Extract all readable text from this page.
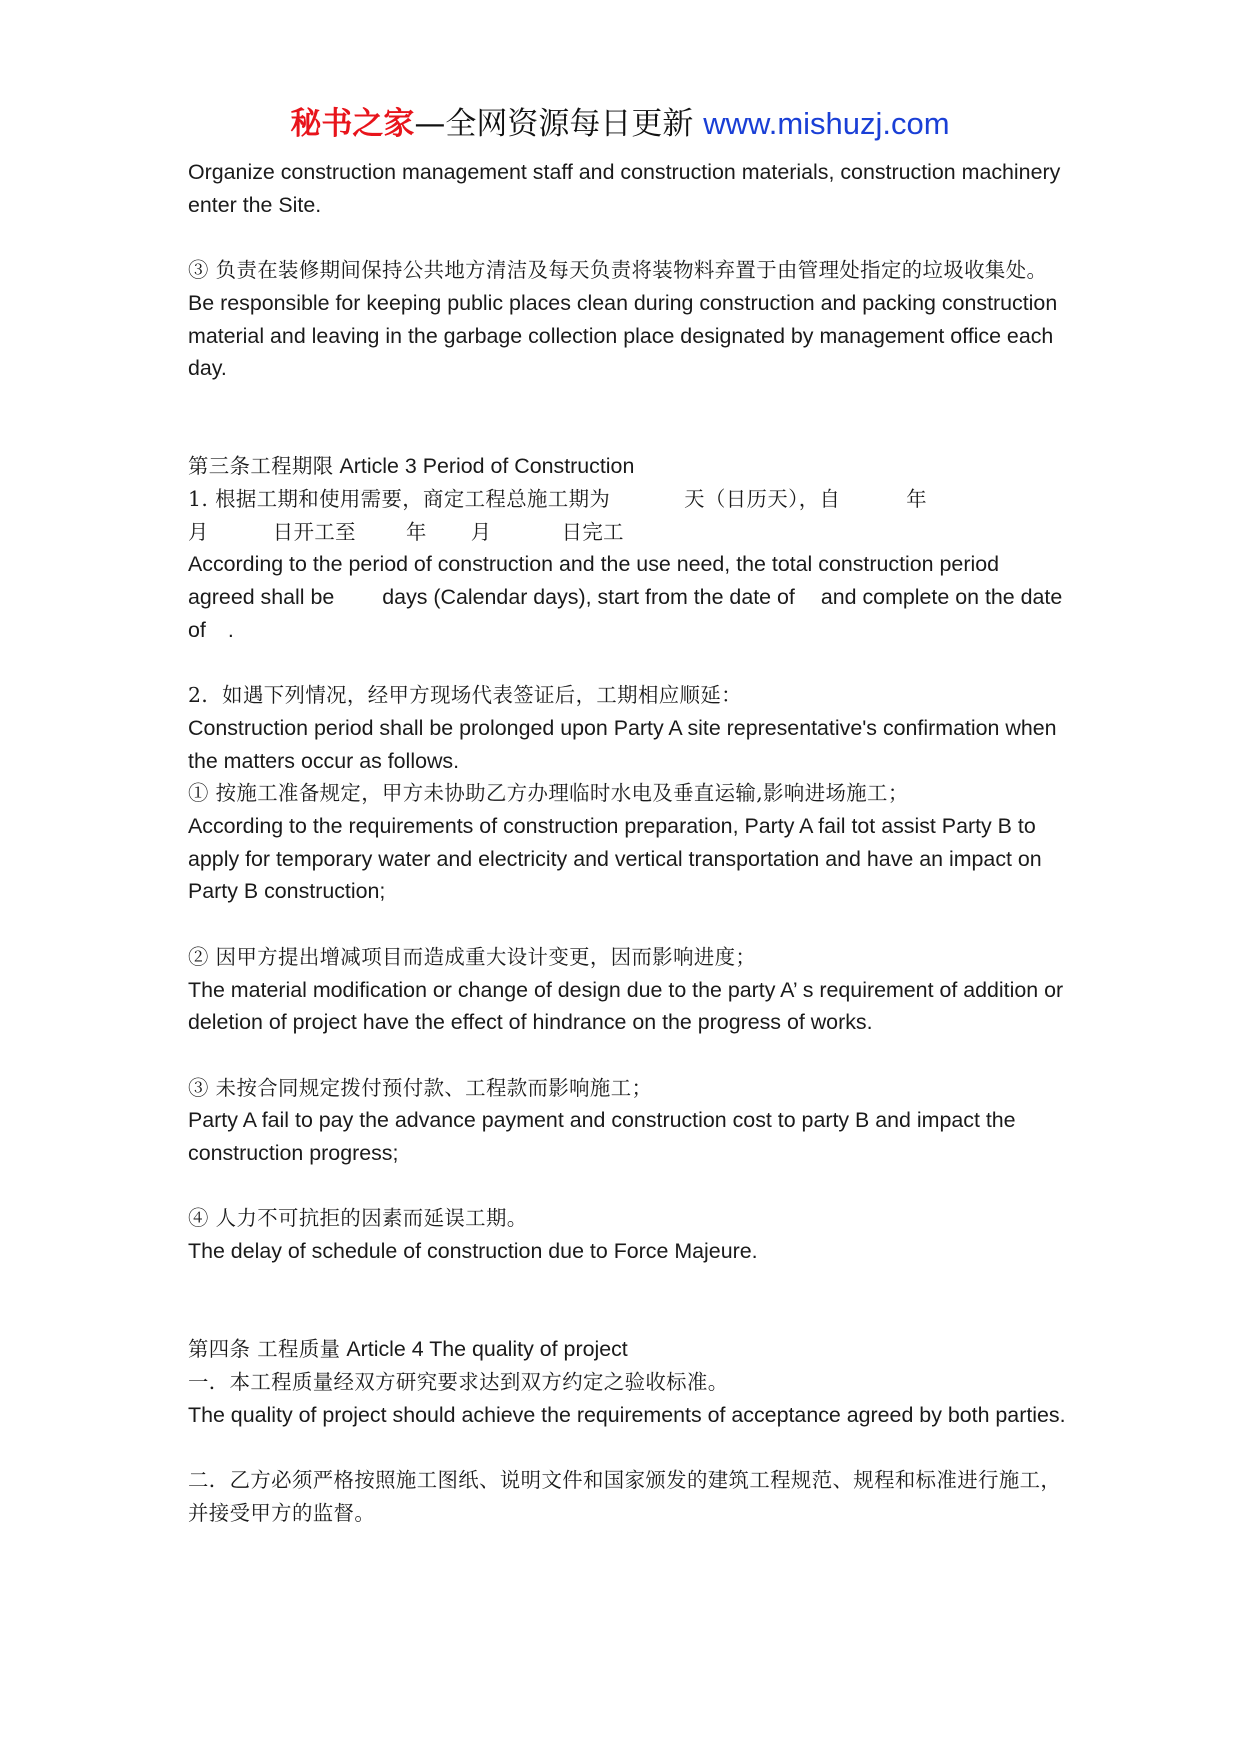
秘书之家—全网资源每日更新 www.mishuzj.com

Organize construction management staff and construction materials, construction machinery enter the Site.

③ 负责在装修期间保持公共地方清洁及每天负责将装物料弃置于由管理处指定的垃圾收集处。

Be responsible for keeping public places clean during construction and packing construction material and leaving in the garbage collection place designated by management office each day.

第三条工程期限 Article 3 Period of Construction

1. 根据工期和使用需要，商定工程总施工期为	天（日历天），自	年

月	日开工至 年 月	日完工

According to the period of construction and the use need, the total construction period agreed shall be days (Calendar days), start from the date of and complete on the date of .

2．如遇下列情况，经甲方现场代表签证后，工期相应顺延：

Construction period shall be prolonged upon Party A site representative's confirmation when the matters occur as follows.

① 按施工准备规定，甲方未协助乙方办理临时水电及垂直运输,影响进场施工；

According to the requirements of construction preparation, Party A fail tot assist Party B to apply for temporary water and electricity and vertical transportation and have an impact on Party B construction;

② 因甲方提出增减项目而造成重大设计变更，因而影响进度；

The material modification or change of design due to the party A’ s requirement of addition or deletion of project have the effect of hindrance on the progress of works.

③ 未按合同规定拨付预付款、工程款而影响施工；

Party A fail to pay the advance payment and construction cost to party B and impact the construction progress;

④ 人力不可抗拒的因素而延误工期。

The delay of schedule of construction due to Force Majeure.

第四条 工程质量 Article 4 The quality of project

一．本工程质量经双方研究要求达到双方约定之验收标准。

The quality of project should achieve the requirements of acceptance agreed by both parties.

二．乙方必须严格按照施工图纸、说明文件和国家颁发的建筑工程规范、规程和标准进行施工，并接受甲方的监督。
